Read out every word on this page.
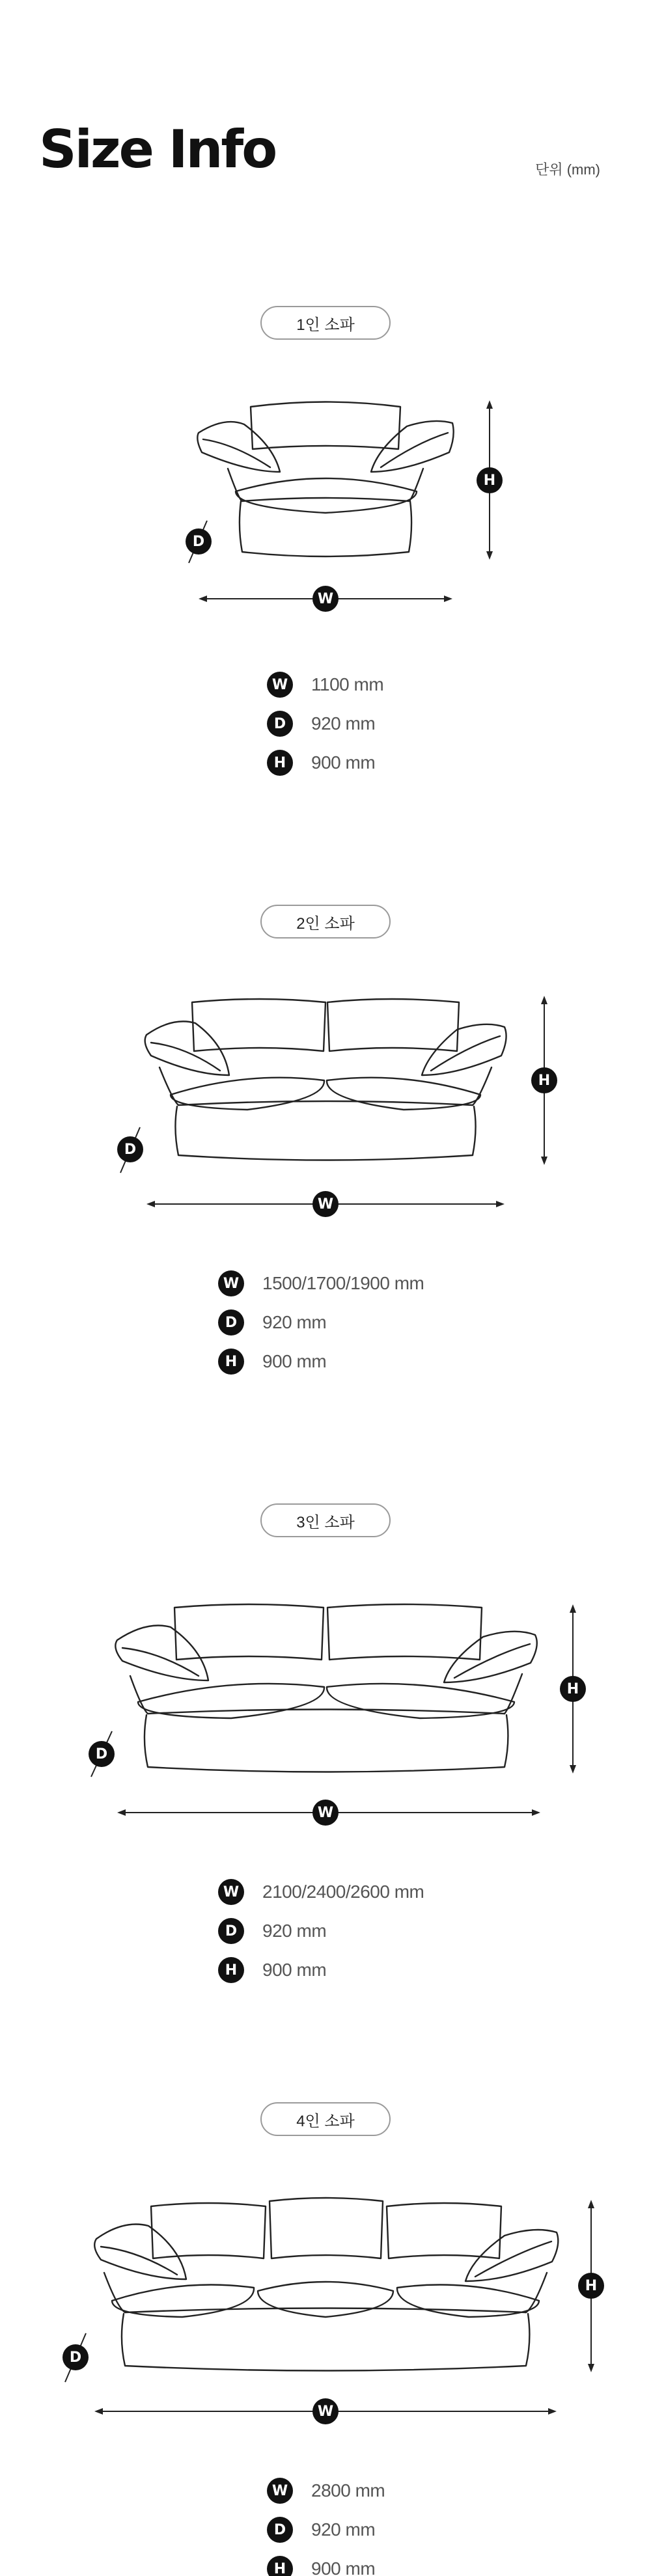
Size Info	단위 (mm)
1인 소파
W
H
D
W 1100 mm
D	920 mm
H	900 mm
2인 소파
W
H
D
W 1500/1700/1900 mm
D	920 mm
H	900 mm
3인 소파
W
H
D
W 2100/2400/2600 mm
D	920 mm
H	900 mm
4인 소파
W
H
D
W 2800 mm
D	920 mm
H	900 mm
